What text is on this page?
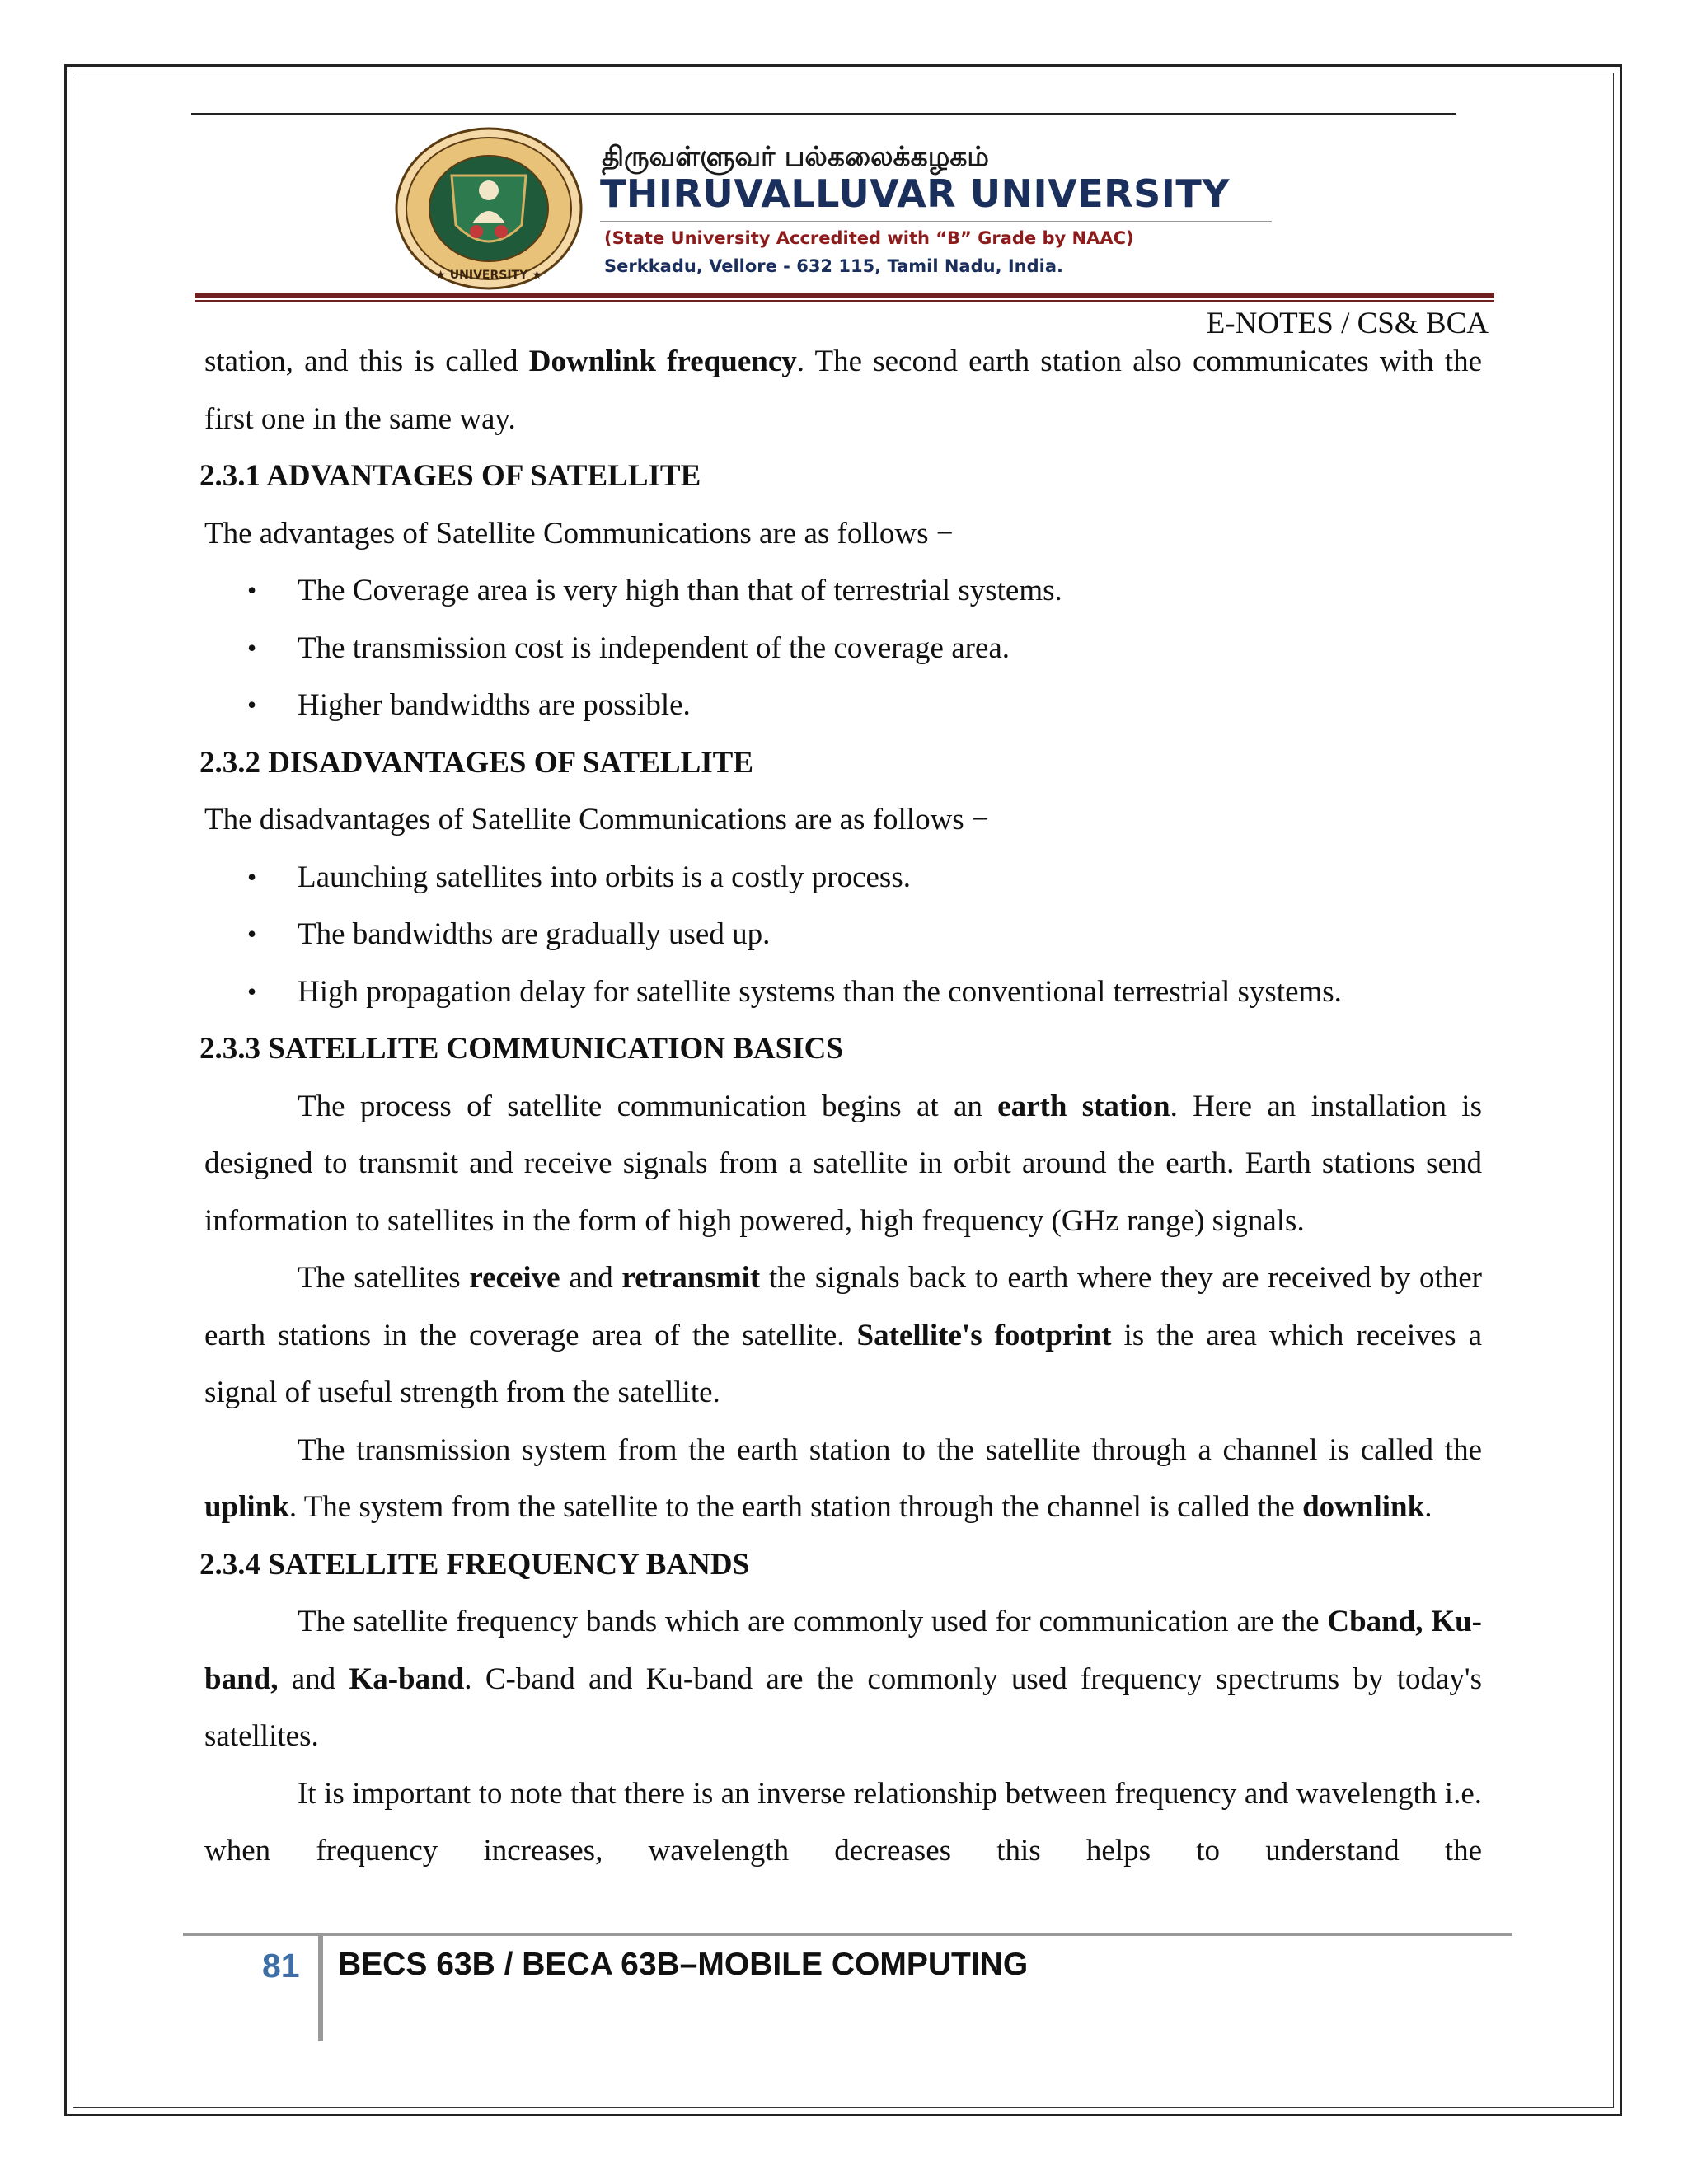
★ UNIVERSITY ★
திருவள்ளுவர் பல்கலைக்கழகம்
THIRUVALLUVAR UNIVERSITY
(State University Accredited with “B” Grade by NAAC)
Serkkadu, Vellore - 632 115, Tamil Nadu, India.
E-NOTES / CS& BCA

station, and this is called Downlink frequency. The second earth station also communicates with the first one in the same way.

2.3.1 ADVANTAGES OF SATELLITE

The advantages of Satellite Communications are as follows −

• The Coverage area is very high than that of terrestrial systems.
• The transmission cost is independent of the coverage area.
• Higher bandwidths are possible.

2.3.2 DISADVANTAGES OF SATELLITE

The disadvantages of Satellite Communications are as follows −

• Launching satellites into orbits is a costly process.
• The bandwidths are gradually used up.
• High propagation delay for satellite systems than the conventional terrestrial systems.

2.3.3 SATELLITE COMMUNICATION BASICS

The process of satellite communication begins at an earth station. Here an installation is designed to transmit and receive signals from a satellite in orbit around the earth. Earth stations send information to satellites in the form of high powered, high frequency (GHz range) signals.

The satellites receive and retransmit the signals back to earth where they are received by other earth stations in the coverage area of the satellite. Satellite's footprint is the area which receives a signal of useful strength from the satellite.

The transmission system from the earth station to the satellite through a channel is called the uplink. The system from the satellite to the earth station through the channel is called the downlink.

2.3.4 SATELLITE FREQUENCY BANDS

The satellite frequency bands which are commonly used for communication are the Cband, Ku-band, and Ka-band. C-band and Ku-band are the commonly used frequency spectrums by today's satellites.

It is important to note that there is an inverse relationship between frequency and wavelength i.e. when frequency increases, wavelength decreases this helps to understand the

81 BECS 63B / BECA 63B–MOBILE COMPUTING
